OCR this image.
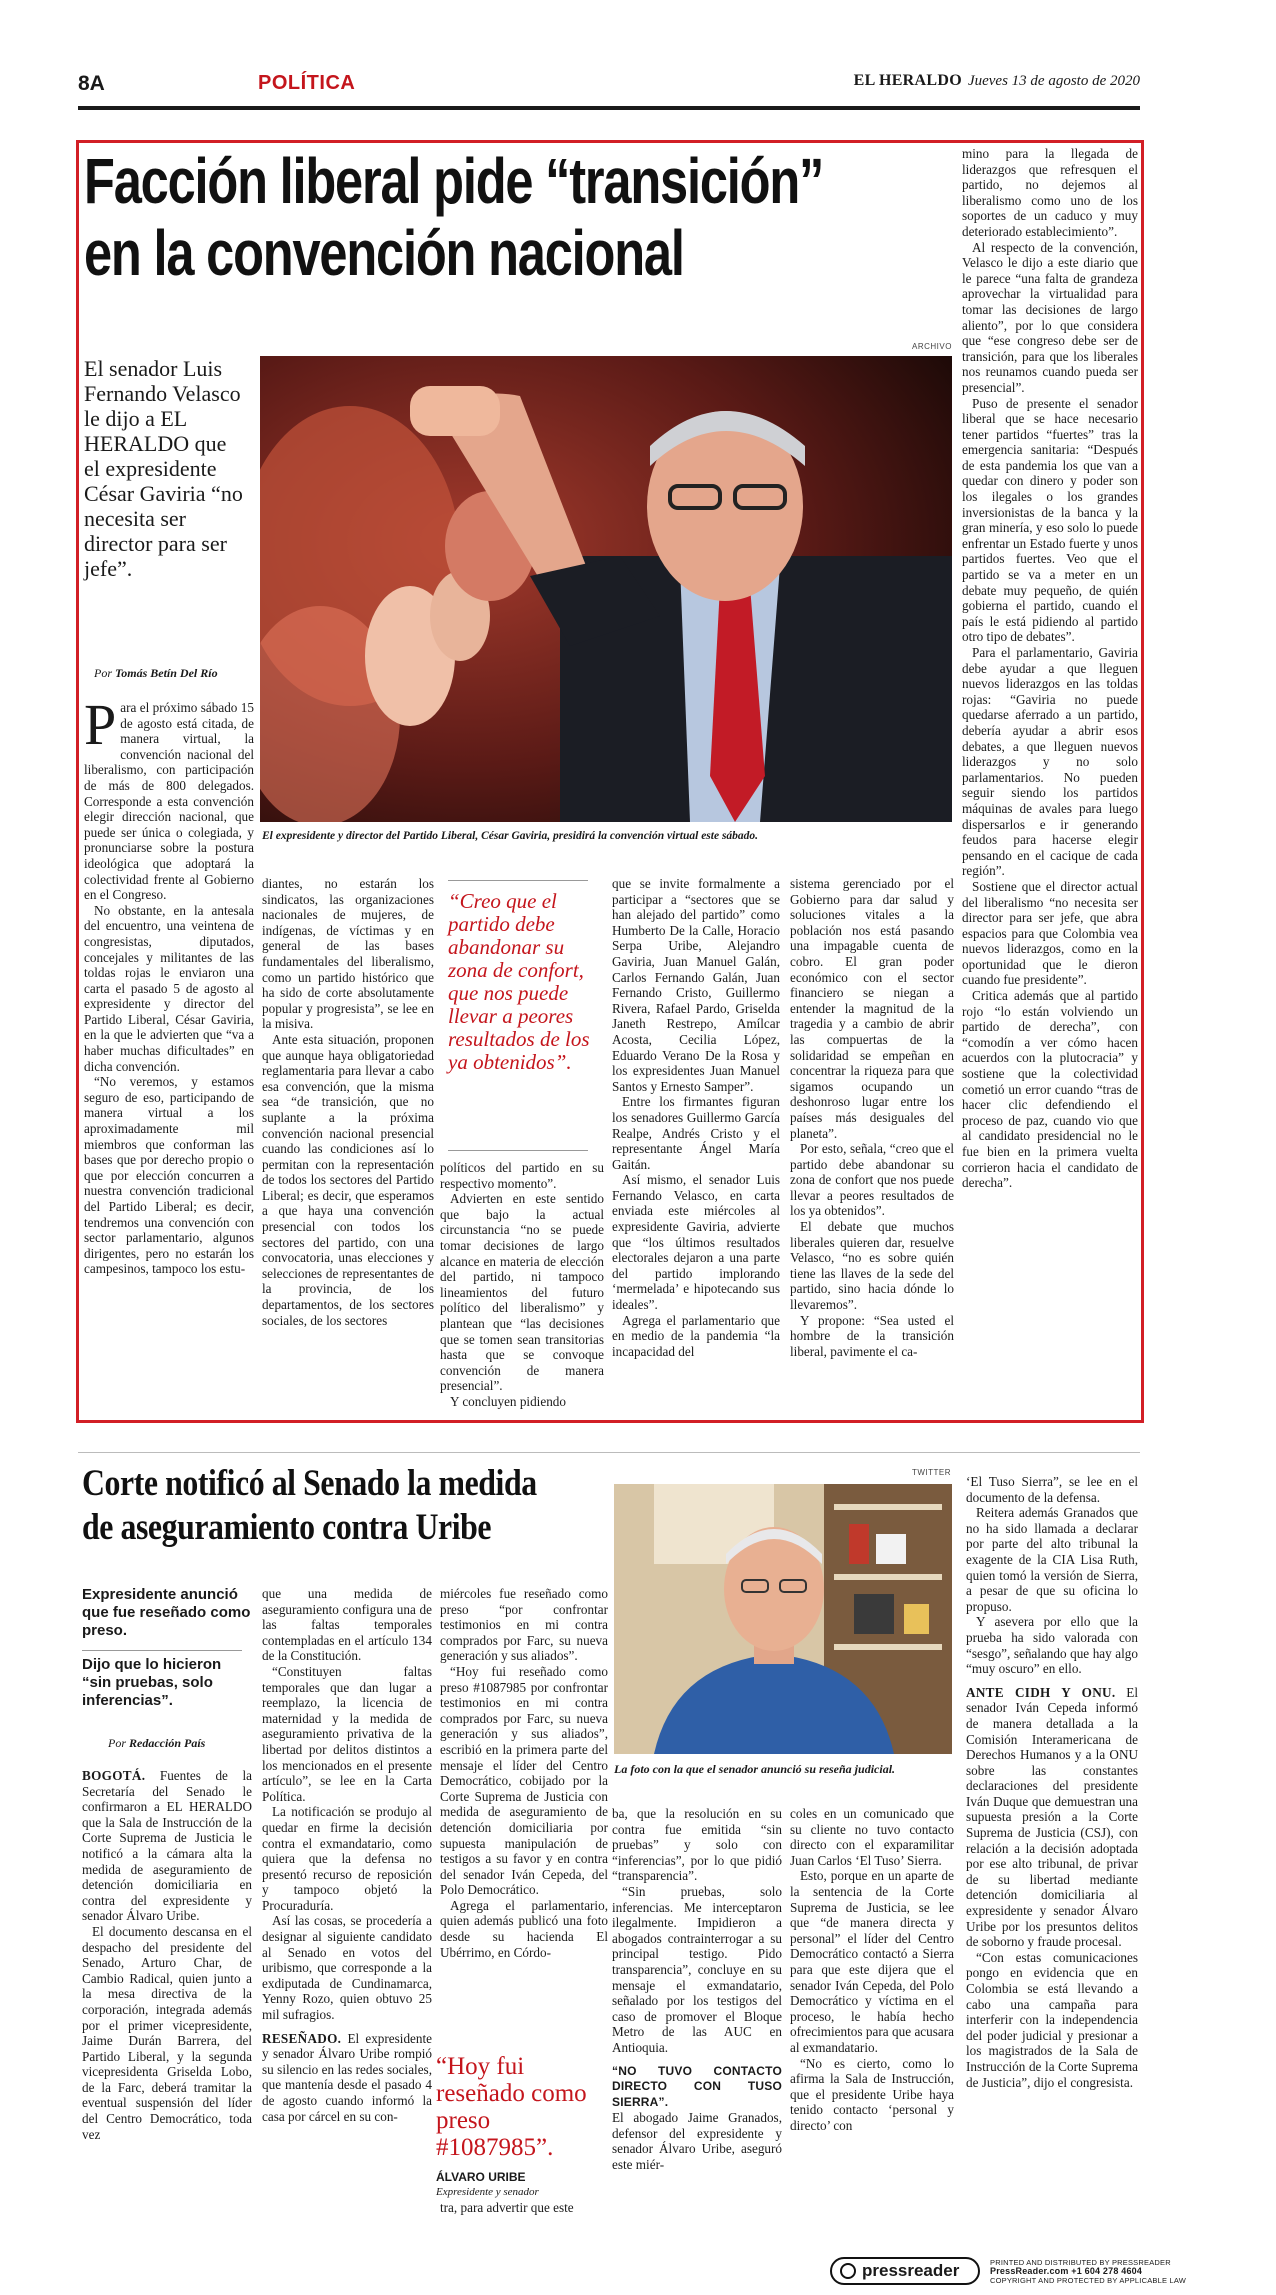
8A	POLÍTICA	EL HERALDO Jueves 13 de agosto de 2020
Facción liberal pide “transición”
en la convención nacional
El senador Luis Fernando Velasco le dijo a EL HERALDO que el expresidente César Gaviria “no necesita ser director para ser jefe”.
Por Tomás Betín Del Río
ARCHIVO
El expresidente y director del Partido Liberal, César Gaviria, presidirá la convención virtual este sábado.

Para el próximo sábado 15 de agosto está citada, de manera virtual, la convención nacional del liberalismo, con participación de más de 800 delegados. Corresponde a esta convención elegir dirección nacional, que puede ser única o colegiada, y pronunciarse sobre la postura ideológica que adoptará la colectividad frente al Gobierno en el Congreso.

No obstante, en la antesala del encuentro, una veintena de congresistas, diputados, concejales y militantes de las toldas rojas le enviaron una carta el pasado 5 de agosto al expresidente y director del Partido Liberal, César Gaviria, en la que le advierten que “va a haber muchas dificultades” en dicha convención.

“No veremos, y estamos seguro de eso, participando de manera virtual a los aproximadamente mil miembros que conforman las bases que por derecho propio o que por elección concurren a nuestra convención tradicional del Partido Liberal; es decir, tendremos una convención con sector parlamentario, algunos dirigentes, pero no estarán los campesinos, tampoco los estu-

diantes, no estarán los sindicatos, las organizaciones nacionales de mujeres, de indígenas, de víctimas y en general de las bases fundamentales del liberalismo, como un partido histórico que ha sido de corte absolutamente popular y progresista”, se lee en la misiva.

Ante esta situación, proponen que aunque haya obligatoriedad reglamentaria para llevar a cabo esa convención, que la misma sea “de transición, que no suplante a la próxima convención nacional presencial cuando las condiciones así lo permitan con la representación de todos los sectores del Partido Liberal; es decir, que esperamos a que haya una convención presencial con todos los sectores del partido, con una convocatoria, unas elecciones y selecciones de representantes de la provincia, de los departamentos, de los sectores sociales, de los sectores

“Creo que el partido debe abandonar su zona de confort, que nos puede llevar a peores resultados de los ya obtenidos”.

políticos del partido en su respectivo momento”.

Advierten en este sentido que bajo la actual circunstancia “no se puede tomar decisiones de largo alcance en materia de elección del partido, ni tampoco lineamientos del futuro político del liberalismo” y plantean que “las decisiones que se tomen sean transitorias hasta que se convoque convención de manera presencial”.

Y concluyen pidiendo

que se invite formalmente a participar a “sectores que se han alejado del partido” como Humberto De la Calle, Horacio Serpa Uribe, Alejandro Gaviria, Juan Manuel Galán, Carlos Fernando Galán, Juan Fernando Cristo, Guillermo Rivera, Rafael Pardo, Griselda Janeth Restrepo, Amílcar Acosta, Cecilia López, Eduardo Verano De la Rosa y los expresidentes Juan Manuel Santos y Ernesto Samper”.

Entre los firmantes figuran los senadores Guillermo García Realpe, Andrés Cristo y el representante Ángel María Gaitán.

Así mismo, el senador Luis Fernando Velasco, en carta enviada este miércoles al expresidente Gaviria, advierte que “los últimos resultados electorales dejaron a una parte del partido implorando ‘mermelada’ e hipotecando sus ideales”.

Agrega el parlamentario que en medio de la pandemia “la incapacidad del

sistema gerenciado por el Gobierno para dar salud y soluciones vitales a la población nos está pasando una impagable cuenta de cobro. El gran poder económico con el sector financiero se niegan a entender la magnitud de la tragedia y a cambio de abrir las compuertas de la solidaridad se empeñan en concentrar la riqueza para que sigamos ocupando un deshonroso lugar entre los países más desiguales del planeta”.

Por esto, señala, “creo que el partido debe abandonar su zona de confort que nos puede llevar a peores resultados de los ya obtenidos”.

El debate que muchos liberales quieren dar, resuelve Velasco, “no es sobre quién tiene las llaves de la sede del partido, sino hacia dónde lo llevaremos”.

Y propone: “Sea usted el hombre de la transición liberal, pavimente el ca-

mino para la llegada de liderazgos que refresquen el partido, no dejemos al liberalismo como uno de los soportes de un caduco y muy deteriorado establecimiento”.

Al respecto de la convención, Velasco le dijo a este diario que le parece “una falta de grandeza aprovechar la virtualidad para tomar las decisiones de largo aliento”, por lo que considera que “ese congreso debe ser de transición, para que los liberales nos reunamos cuando pueda ser presencial”.

Puso de presente el senador liberal que se hace necesario tener partidos “fuertes” tras la emergencia sanitaria: “Después de esta pandemia los que van a quedar con dinero y poder son los ilegales o los grandes inversionistas de la banca y la gran minería, y eso solo lo puede enfrentar un Estado fuerte y unos partidos fuertes. Veo que el partido se va a meter en un debate muy pequeño, de quién gobierna el partido, cuando el país le está pidiendo al partido otro tipo de debates”.

Para el parlamentario, Gaviria debe ayudar a que lleguen nuevos liderazgos en las toldas rojas: “Gaviria no puede quedarse aferrado a un partido, debería ayudar a abrir esos debates, a que lleguen nuevos liderazgos y no solo parlamentarios. No pueden seguir siendo los partidos máquinas de avales para luego dispersarlos e ir generando feudos para hacerse elegir pensando en el cacique de cada región”.

Sostiene que el director actual del liberalismo “no necesita ser director para ser jefe, que abra espacios para que Colombia vea nuevos liderazgos, como en la oportunidad que le dieron cuando fue presidente”.

Critica además que al partido rojo “lo están volviendo un partido de derecha”, con “comodín a ver cómo hacen acuerdos con la plutocracia” y sostiene que la colectividad cometió un error cuando “tras de hacer clic defendiendo el proceso de paz, cuando vio que al candidato presidencial no le fue bien en la primera vuelta corrieron hacia el candidato de derecha”.

Corte notificó al Senado la medida
de aseguramiento contra Uribe
Expresidente anunció que fue reseñado como preso.
Dijo que lo hicieron “sin pruebas, solo inferencias”.
Por Redacción País
TWITTER
La foto con la que el senador anunció su reseña judicial.

BOGOTÁ. Fuentes de la Secretaría del Senado le confirmaron a EL HERALDO que la Sala de Instrucción de la Corte Suprema de Justicia le notificó a la cámara alta la medida de aseguramiento de detención domiciliaria en contra del expresidente y senador Álvaro Uribe.

El documento descansa en el despacho del presidente del Senado, Arturo Char, de Cambio Radical, quien junto a la mesa directiva de la corporación, integrada además por el primer vicepresidente, Jaime Durán Barrera, del Partido Liberal, y la segunda vicepresidenta Griselda Lobo, de la Farc, deberá tramitar la eventual suspensión del líder del Centro Democrático, toda vez

que una medida de aseguramiento configura una de las faltas temporales contempladas en el artículo 134 de la Constitución.

“Constituyen faltas temporales que dan lugar a reemplazo, la licencia de maternidad y la medida de aseguramiento privativa de la libertad por delitos distintos a los mencionados en el presente artículo”, se lee en la Carta Política.

La notificación se produjo al quedar en firme la decisión contra el exmandatario, como quiera que la defensa no presentó recurso de reposición y tampoco objetó la Procuraduría.

Así las cosas, se procedería a designar al siguiente candidato al Senado en votos del uribismo, que corresponde a la exdiputada de Cundinamarca, Yenny Rozo, quien obtuvo 25 mil sufragios.

RESEÑADO. El expresidente y senador Álvaro Uribe rompió su silencio en las redes sociales, que mantenía desde el pasado 4 de agosto cuando informó la casa por cárcel en su con-

miércoles fue reseñado como preso “por confrontar testimonios en mi contra comprados por Farc, su nueva generación y sus aliados”.

“Hoy fui reseñado como preso #1087985 por confrontar testimonios en mi contra comprados por Farc, su nueva generación y sus aliados”, escribió en la primera parte del mensaje el líder del Centro Democrático, cobijado por la Corte Suprema de Justicia con medida de aseguramiento de detención domiciliaria por supuesta manipulación de testigos a su favor y en contra del senador Iván Cepeda, del Polo Democrático.

Agrega el parlamentario, quien además publicó una foto desde su hacienda El Ubérrimo, en Córdo-

“Hoy fui reseñado como preso #1087985”.
ÁLVARO URIBE
Expresidente y senador

tra, para advertir que este

ba, que la resolución en su contra fue emitida “sin pruebas” y solo con “inferencias”, por lo que pidió “transparencia”.

“Sin pruebas, solo inferencias. Me interceptaron ilegalmente. Impidieron a abogados contrainterrogar a su principal testigo. Pido transparencia”, concluye en su mensaje el exmandatario, señalado por los testigos del caso de promover el Bloque Metro de las AUC en Antioquia.

“NO TUVO CONTACTO DIRECTO CON TUSO SIERRA”.

El abogado Jaime Granados, defensor del expresidente y senador Álvaro Uribe, aseguró este miér-

coles en un comunicado que su cliente no tuvo contacto directo con el exparamilitar Juan Carlos ‘El Tuso’ Sierra.

Esto, porque en un aparte de la sentencia de la Corte Suprema de Justicia, se lee que “de manera directa y personal” el líder del Centro Democrático contactó a Sierra para que este dijera que el senador Iván Cepeda, del Polo Democrático y víctima en el proceso, le había hecho ofrecimientos para que acusara al exmandatario.

“No es cierto, como lo afirma la Sala de Instrucción, que el presidente Uribe haya tenido contacto ‘personal y directo’ con

‘El Tuso Sierra”, se lee en el documento de la defensa.

Reitera además Granados que no ha sido llamada a declarar por parte del alto tribunal la exagente de la CIA Lisa Ruth, quien tomó la versión de Sierra, a pesar de que su oficina lo propuso.

Y asevera por ello que la prueba ha sido valorada con “sesgo”, señalando que hay algo “muy oscuro” en ello.

ANTE CIDH Y ONU. El senador Iván Cepeda informó de manera detallada a la Comisión Interamericana de Derechos Humanos y a la ONU sobre las constantes declaraciones del presidente Iván Duque que demuestran una supuesta presión a la Corte Suprema de Justicia (CSJ), con relación a la decisión adoptada por ese alto tribunal, de privar de su libertad mediante detención domiciliaria al expresidente y senador Álvaro Uribe por los presuntos delitos de soborno y fraude procesal.

“Con estas comunicaciones pongo en evidencia que en Colombia se está llevando a cabo una campaña para interferir con la independencia del poder judicial y presionar a los magistrados de la Sala de Instrucción de la Corte Suprema de Justicia”, dijo el congresista.

pressreader	PRINTED AND DISTRIBUTED BY PRESSREADER
PressReader.com +1 604 278 4604
COPYRIGHT AND PROTECTED BY APPLICABLE LAW
